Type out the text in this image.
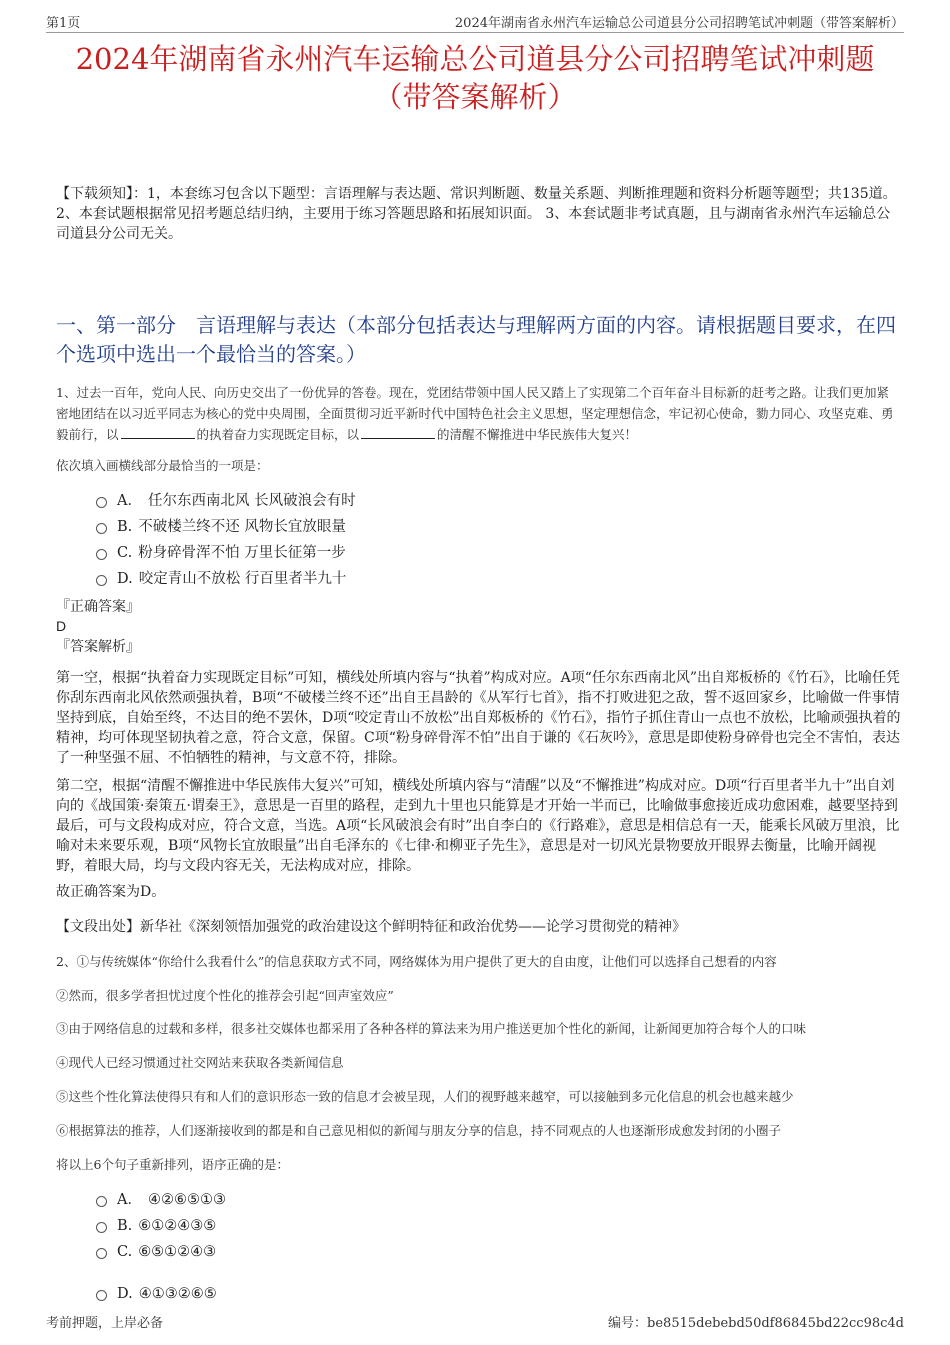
第1页	2024年湖南省永州汽车运输总公司道县分公司招聘笔试冲刺题（带答案解析）
2024年湖南省永州汽车运输总公司道县分公司招聘笔试冲刺题
（带答案解析）
【下载须知】：1，本套练习包含以下题型：言语理解与表达题、常识判断题、数量关系题、判断推理题和资料分析题等题型；共135道。 2、本套试题根据常见招考题总结归纳，主要用于练习答题思路和拓展知识面。 3、本套试题非考试真题，且与湖南省永州汽车运输总公司道县分公司无关。
一、第一部分　言语理解与表达（本部分包括表达与理解两方面的内容。请根据题目要求，在四个选项中选出一个最恰当的答案。）
1、过去一百年，党向人民、向历史交出了一份优异的答卷。现在，党团结带领中国人民又踏上了实现第二个百年奋斗目标新的赶考之路。让我们更加紧密地团结在以习近平同志为核心的党中央周围，全面贯彻习近平新时代中国特色社会主义思想，坚定理想信念，牢记初心使命，勠力同心、攻坚克难、勇毅前行，以	的执着奋力实现既定目标，以	的清醒不懈推进中华民族伟大复兴！
依次填入画横线部分最恰当的一项是：
A． 任尔东西南北风 长风破浪会有时
B. 不破楼兰终不还 风物长宜放眼量
C. 粉身碎骨浑不怕 万里长征第一步
D. 咬定青山不放松 行百里者半九十
『正确答案』
D
『答案解析』
第一空，根据“执着奋力实现既定目标”可知，横线处所填内容与“执着”构成对应。A项“任尔东西南北风”出自郑板桥的《竹石》，比喻任凭你刮东西南北风依然顽强执着，B项“不破楼兰终不还”出自王昌龄的《从军行七首》，指不打败进犯之敌，誓不返回家乡，比喻做一件事情坚持到底，自始至终，不达目的绝不罢休，D项“咬定青山不放松”出自郑板桥的《竹石》，指竹子抓住青山一点也不放松，比喻顽强执着的精神，均可体现坚韧执着之意，符合文意，保留。C项“粉身碎骨浑不怕”出自于谦的《石灰吟》，意思是即使粉身碎骨也完全不害怕，表达了一种坚强不屈、不怕牺牲的精神，与文意不符，排除。
第二空，根据“清醒不懈推进中华民族伟大复兴”可知，横线处所填内容与“清醒”以及“不懈推进”构成对应。D项“行百里者半九十”出自刘向的《战国策·秦策五·谓秦王》，意思是一百里的路程，走到九十里也只能算是才开始一半而已，比喻做事愈接近成功愈困难，越要坚持到最后，可与文段构成对应，符合文意，当选。A项“长风破浪会有时”出自李白的《行路难》，意思是相信总有一天，能乘长风破万里浪，比喻对未来要乐观，B项“风物长宜放眼量”出自毛泽东的《七律·和柳亚子先生》，意思是对一切风光景物要放开眼界去衡量，比喻开阔视野，着眼大局，均与文段内容无关，无法构成对应，排除。
故正确答案为D。
【文段出处】新华社《深刻领悟加强党的政治建设这个鲜明特征和政治优势——论学习贯彻党的精神》
2、①与传统媒体“你给什么我看什么”的信息获取方式不同，网络媒体为用户提供了更大的自由度，让他们可以选择自己想看的内容
②然而，很多学者担忧过度个性化的推荐会引起“回声室效应”
③由于网络信息的过载和多样，很多社交媒体也都采用了各种各样的算法来为用户推送更加个性化的新闻，让新闻更加符合每个人的口味
④现代人已经习惯通过社交网站来获取各类新闻信息
⑤这些个性化算法使得只有和人们的意识形态一致的信息才会被呈现，人们的视野越来越窄，可以接触到多元化信息的机会也越来越少
⑥根据算法的推荐，人们逐渐接收到的都是和自己意见相似的新闻与朋友分享的信息，持不同观点的人也逐渐形成愈发封闭的小圈子
将以上6个句子重新排列，语序正确的是：
A． ④②⑥⑤①③
B. ⑥①②④③⑤
C. ⑥⑤①②④③
D. ④①③②⑥⑤
考前押题，上岸必备	编号：be8515debebd50df86845bd22cc98c4d
